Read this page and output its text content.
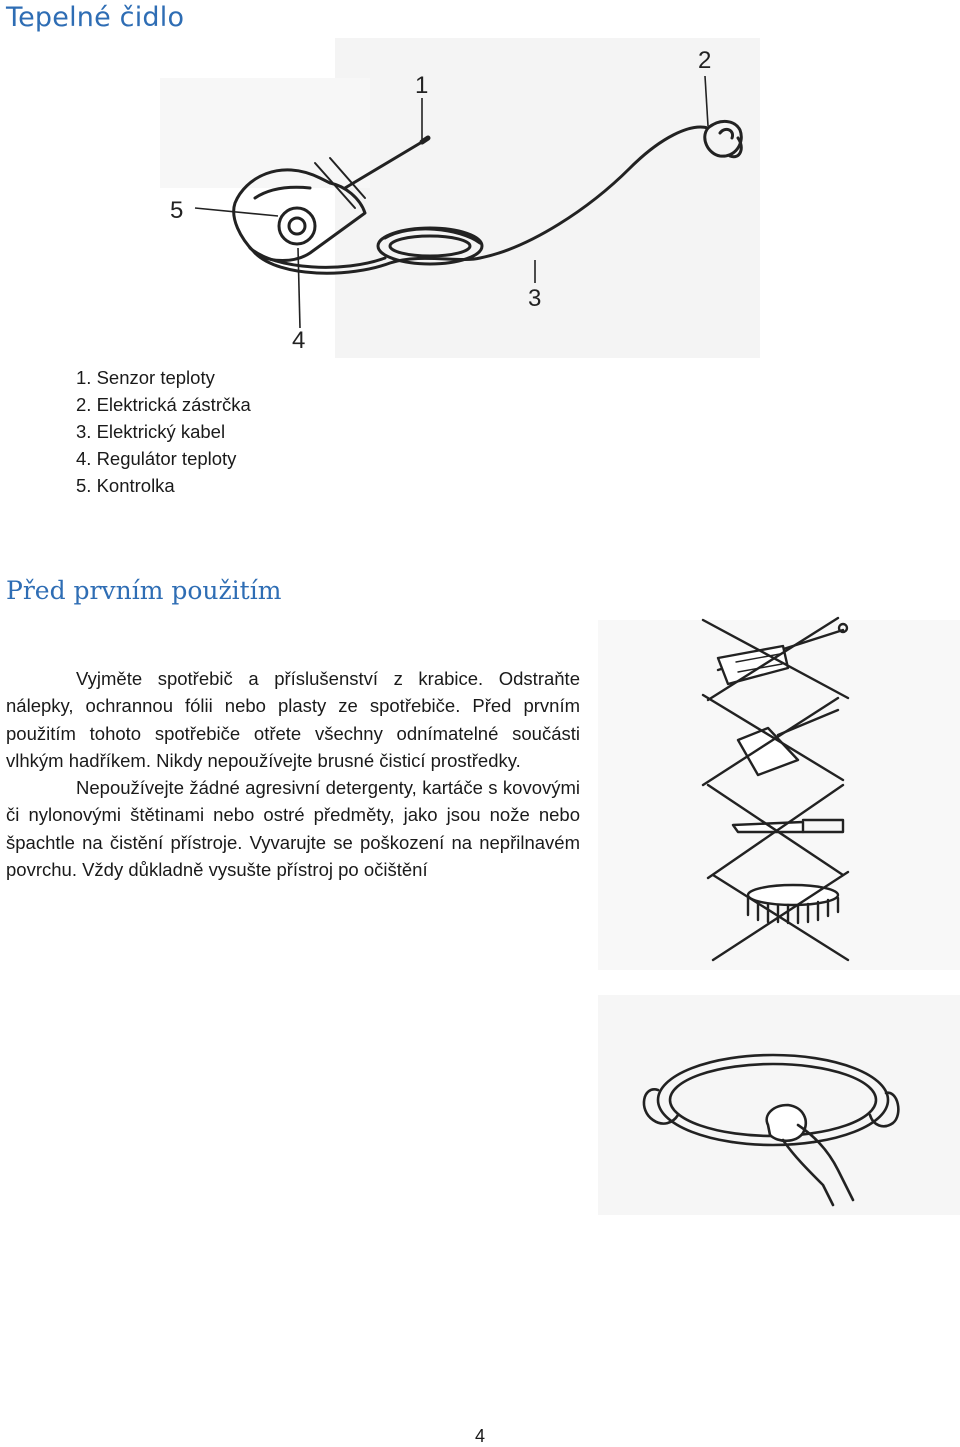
Tepelné čidlo
1
2
3
4
5
1. Senzor teploty
2. Elektrická zástrčka
3. Elektrický kabel
4. Regulátor teploty
5. Kontrolka
Před prvním použitím

Vyjměte spotřebič a příslušenství z krabice. Odstraňte nálepky, ochrannou fólii nebo plasty ze spotřebiče. Před prvním použitím tohoto spotřebiče otřete všechny odnímatelné součásti vlhkým hadříkem. Nikdy nepoužívejte brusné čisticí prostředky.

Nepoužívejte žádné agresivní detergenty, kartáče s kovovými či nylonovými štětinami nebo ostré předměty, jako jsou nože nebo špachtle na čistění přístroje. Vyvarujte se poškození na nepřilnavém povrchu. Vždy důkladně vysušte přístroj po očištění

4
